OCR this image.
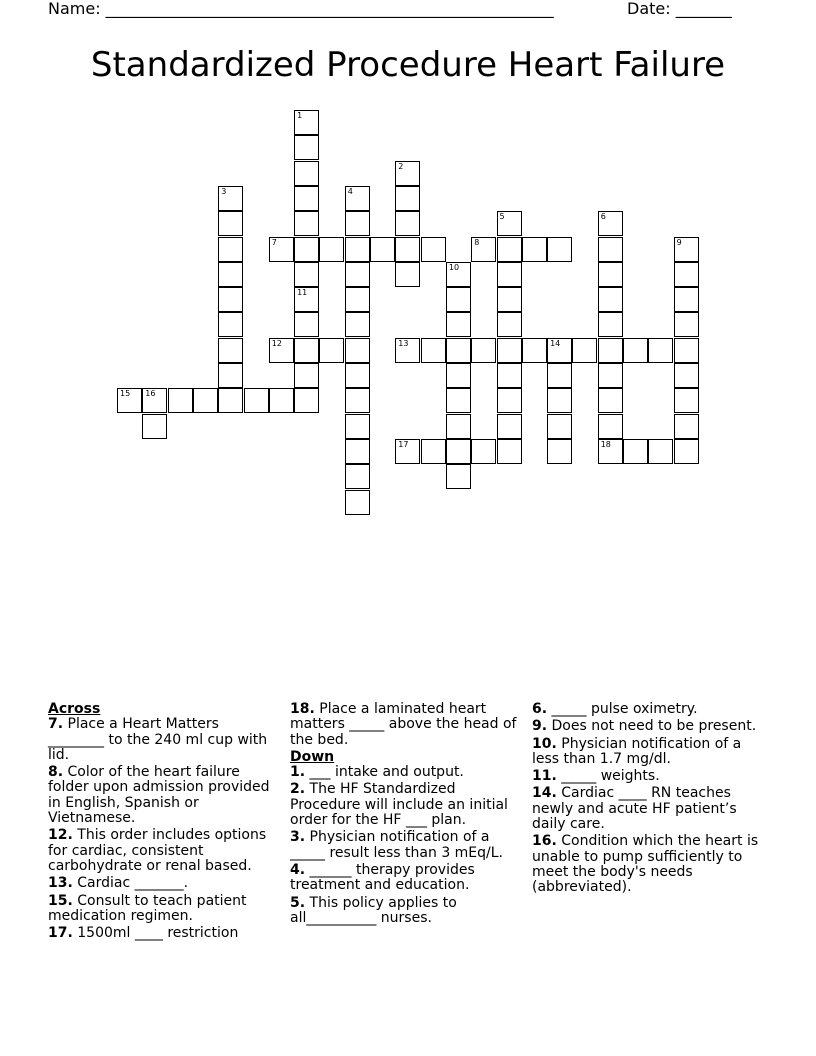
Name: ________________________________________________________	Date: _______
Standardized Procedure Heart Failure
1
11
2
3	4
5	6
18
7	8	9
10
12	13	14
15 16
17
Across
7. Place a Heart Matters ________ to the 240 ml cup with lid.
8. Color of the heart failure folder upon admission provided in English, Spanish or Vietnamese.
12. This order includes options for cardiac, consistent carbohydrate or renal based.
13. Cardiac _______.
15. Consult to teach patient medication regimen.
17. 1500ml ____ restriction
18. Place a laminated heart matters _____ above the head of the bed.
Down
1. ___ intake and output.
2. The HF Standardized Procedure will include an initial order for the HF ___ plan.
3. Physician notification of a _____ result less than 3 mEq/L.
4. ______ therapy provides treatment and education.
5. This policy applies to all__________ nurses.
6. _____ pulse oximetry.
9. Does not need to be present.
10. Physician notification of a less than 1.7 mg/dl.
11. _____ weights.
14. Cardiac ____ RN teaches newly and acute HF patient’s daily care.
16. Condition which the heart is unable to pump sufficiently to meet the body's needs (abbreviated).
